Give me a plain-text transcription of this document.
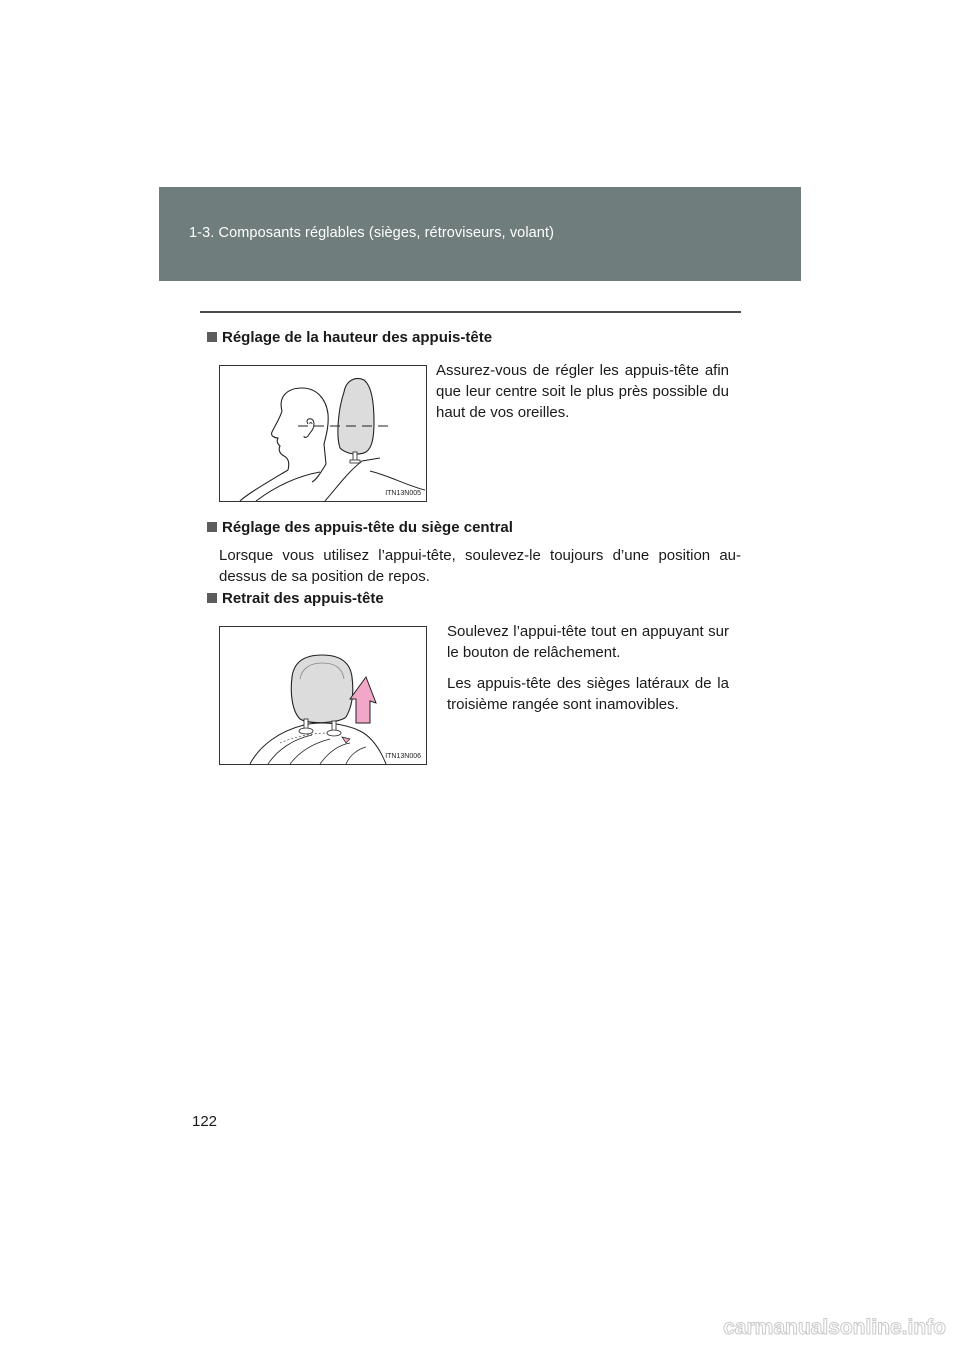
1-3. Composants réglables (sièges, rétroviseurs, volant)
Réglage de la hauteur des appuis-tête
ITN13N005
Assurez-vous de régler les appuis-tête afin que leur centre soit le plus près possible du haut de vos oreilles.
Réglage des appuis-tête du siège central
Lorsque vous utilisez l’appui-tête, soulevez-le toujours d’une position au-dessus de sa position de repos.
Retrait des appuis-tête
ITN13N006
Soulevez l’appui-tête tout en appuyant sur le bouton de relâchement.
Les appuis-tête des sièges latéraux de la troisième rangée sont inamovibles.
122
carmanualsonline.info
